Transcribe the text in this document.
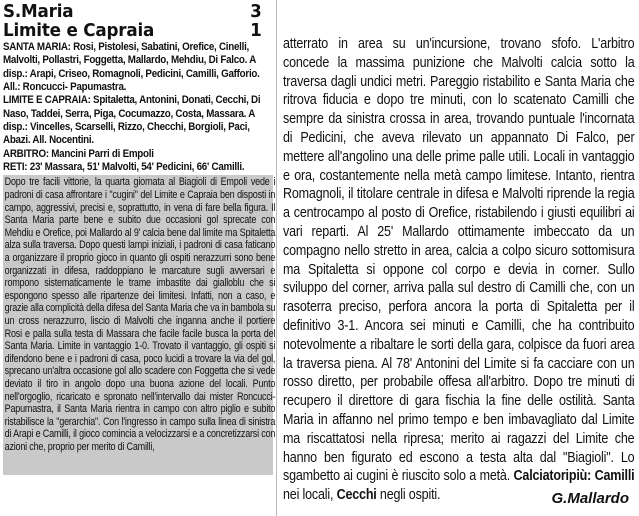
S.Maria	3
Limite e Capraia	1

SANTA MARIA: Rosi, Pistolesi, Sabatini, Orefice, Cinelli, Malvolti, Pollastri, Foggetta, Mallardo, Mehdiu, Di Falco. A disp.: Arapi, Criseo, Romagnoli, Pedicini, Camilli, Gafforio. All.: Roncucci- Papumastra.

LIMITE E CAPRAIA: Spitaletta, Antonini, Donati, Cecchi, Di Naso, Taddei, Serra, Piga, Cocumazzo, Costa, Massara. A disp.: Vincelles, Scarselli, Rizzo, Checchi, Borgioli, Paci, Abazi. All. Nocentini.

ARBITRO: Mancini Parri di Empoli

RETI: 23' Massara, 51' Malvolti, 54' Pedicini, 66' Camilli.

Dopo tre facili vittorie, la quarta giornata al Biagioli di Empoli vede i padroni di casa affrontare i "cugini" del Limite e Capraia ben disposti in campo, aggressivi, precisi e, soprattutto, in vena di fare bella figura. Il Santa Maria parte bene e subito due occasioni gol sprecate con Mehdiu e Orefice, poi Mallardo al 9' calcia bene dal limite ma Spitaletta alza sulla traversa. Dopo questi lampi iniziali, i padroni di casa faticano a organizzare il proprio gioco in quanto gli ospiti nerazzurri sono bene organizzati in difesa, raddoppiano le marcature sugli avversari e rompono sistematicamente le trame imbastite dai gialloblu che si espongono spesso alle ripartenze dei limitesi. Infatti, non a caso, e grazie alla complicità della difesa del Santa Maria che va in bambola su un cross nerazzurro, liscio di Malvolti che inganna anche il portiere Rosi e palla sulla testa di Massara che facile facile busca la porta del Santa Maria. Limite in vantaggio 1-0. Trovato il vantaggio, gli ospiti si difendono bene e i padroni di casa, poco lucidi a trovare la via del gol, sprecano un'altra occasione gol allo scadere con Foggetta che si vede deviato il tiro in angolo dopo una buona azione del locali. Punto nell'orgoglio, ricaricato e spronato nell'intervallo dai mister Roncucci-Papumastra, il Santa Maria rientra in campo con altro piglio e subito ristabilisce la "gerarchia". Con l'ingresso in campo sulla linea di sinistra di Arapi e Camilli, il gioco comincia a velocizzarsi e a concretizzarsi con azioni che, proprio per merito di Camilli,
atterrato in area su un'incursione, trovano sfofo. L'arbitro concede la massima punizione che Malvolti calcia sotto la traversa dagli undici metri. Pareggio ristabilito e Santa Maria che ritrova fiducia e dopo tre minuti, con lo scatenato Camilli che sempre da sinistra crossa in area, trovando puntuale l'incornata di Pedicini, che aveva rilevato un appannato Di Falco, per mettere all'angolino una delle prime palle utili. Locali in vantaggio e ora, costantemente nella metà campo limitese. Intanto, rientra Romagnoli, il titolare centrale in difesa e Malvolti riprende la regia a centrocampo al posto di Orefice, ristabilendo i giusti equilibri ai vari reparti. Al 25' Mallardo ottimamente imbeccato da un compagno nello stretto in area, calcia a colpo sicuro sottomisura ma Spitaletta si oppone col corpo e devia in corner. Sullo sviluppo del corner, arriva palla sul destro di Camilli che, con un rasoterra preciso, perfora ancora la porta di Spitaletta per il definitivo 3-1. Ancora sei minuti e Camilli, che ha contribuito notevolmente a ribaltare le sorti della gara, colpisce da fuori area la traversa piena. Al 78' Antonini del Limite si fa cacciare con un rosso diretto, per probabile offesa all'arbitro. Dopo tre minuti di recupero il direttore di gara fischia la fine delle ostilità. Santa Maria in affanno nel primo tempo e ben imbavagliato dal Limite ma riscattatosi nella ripresa; merito ai ragazzi del Limite che hanno ben figurato ed escono a testa alta dal "Biagioli". Lo sgambetto ai cugini è riuscito solo a metà. Calciatoripiù: Camilli nei locali, Cecchi negli ospiti.	G.Mallardo
